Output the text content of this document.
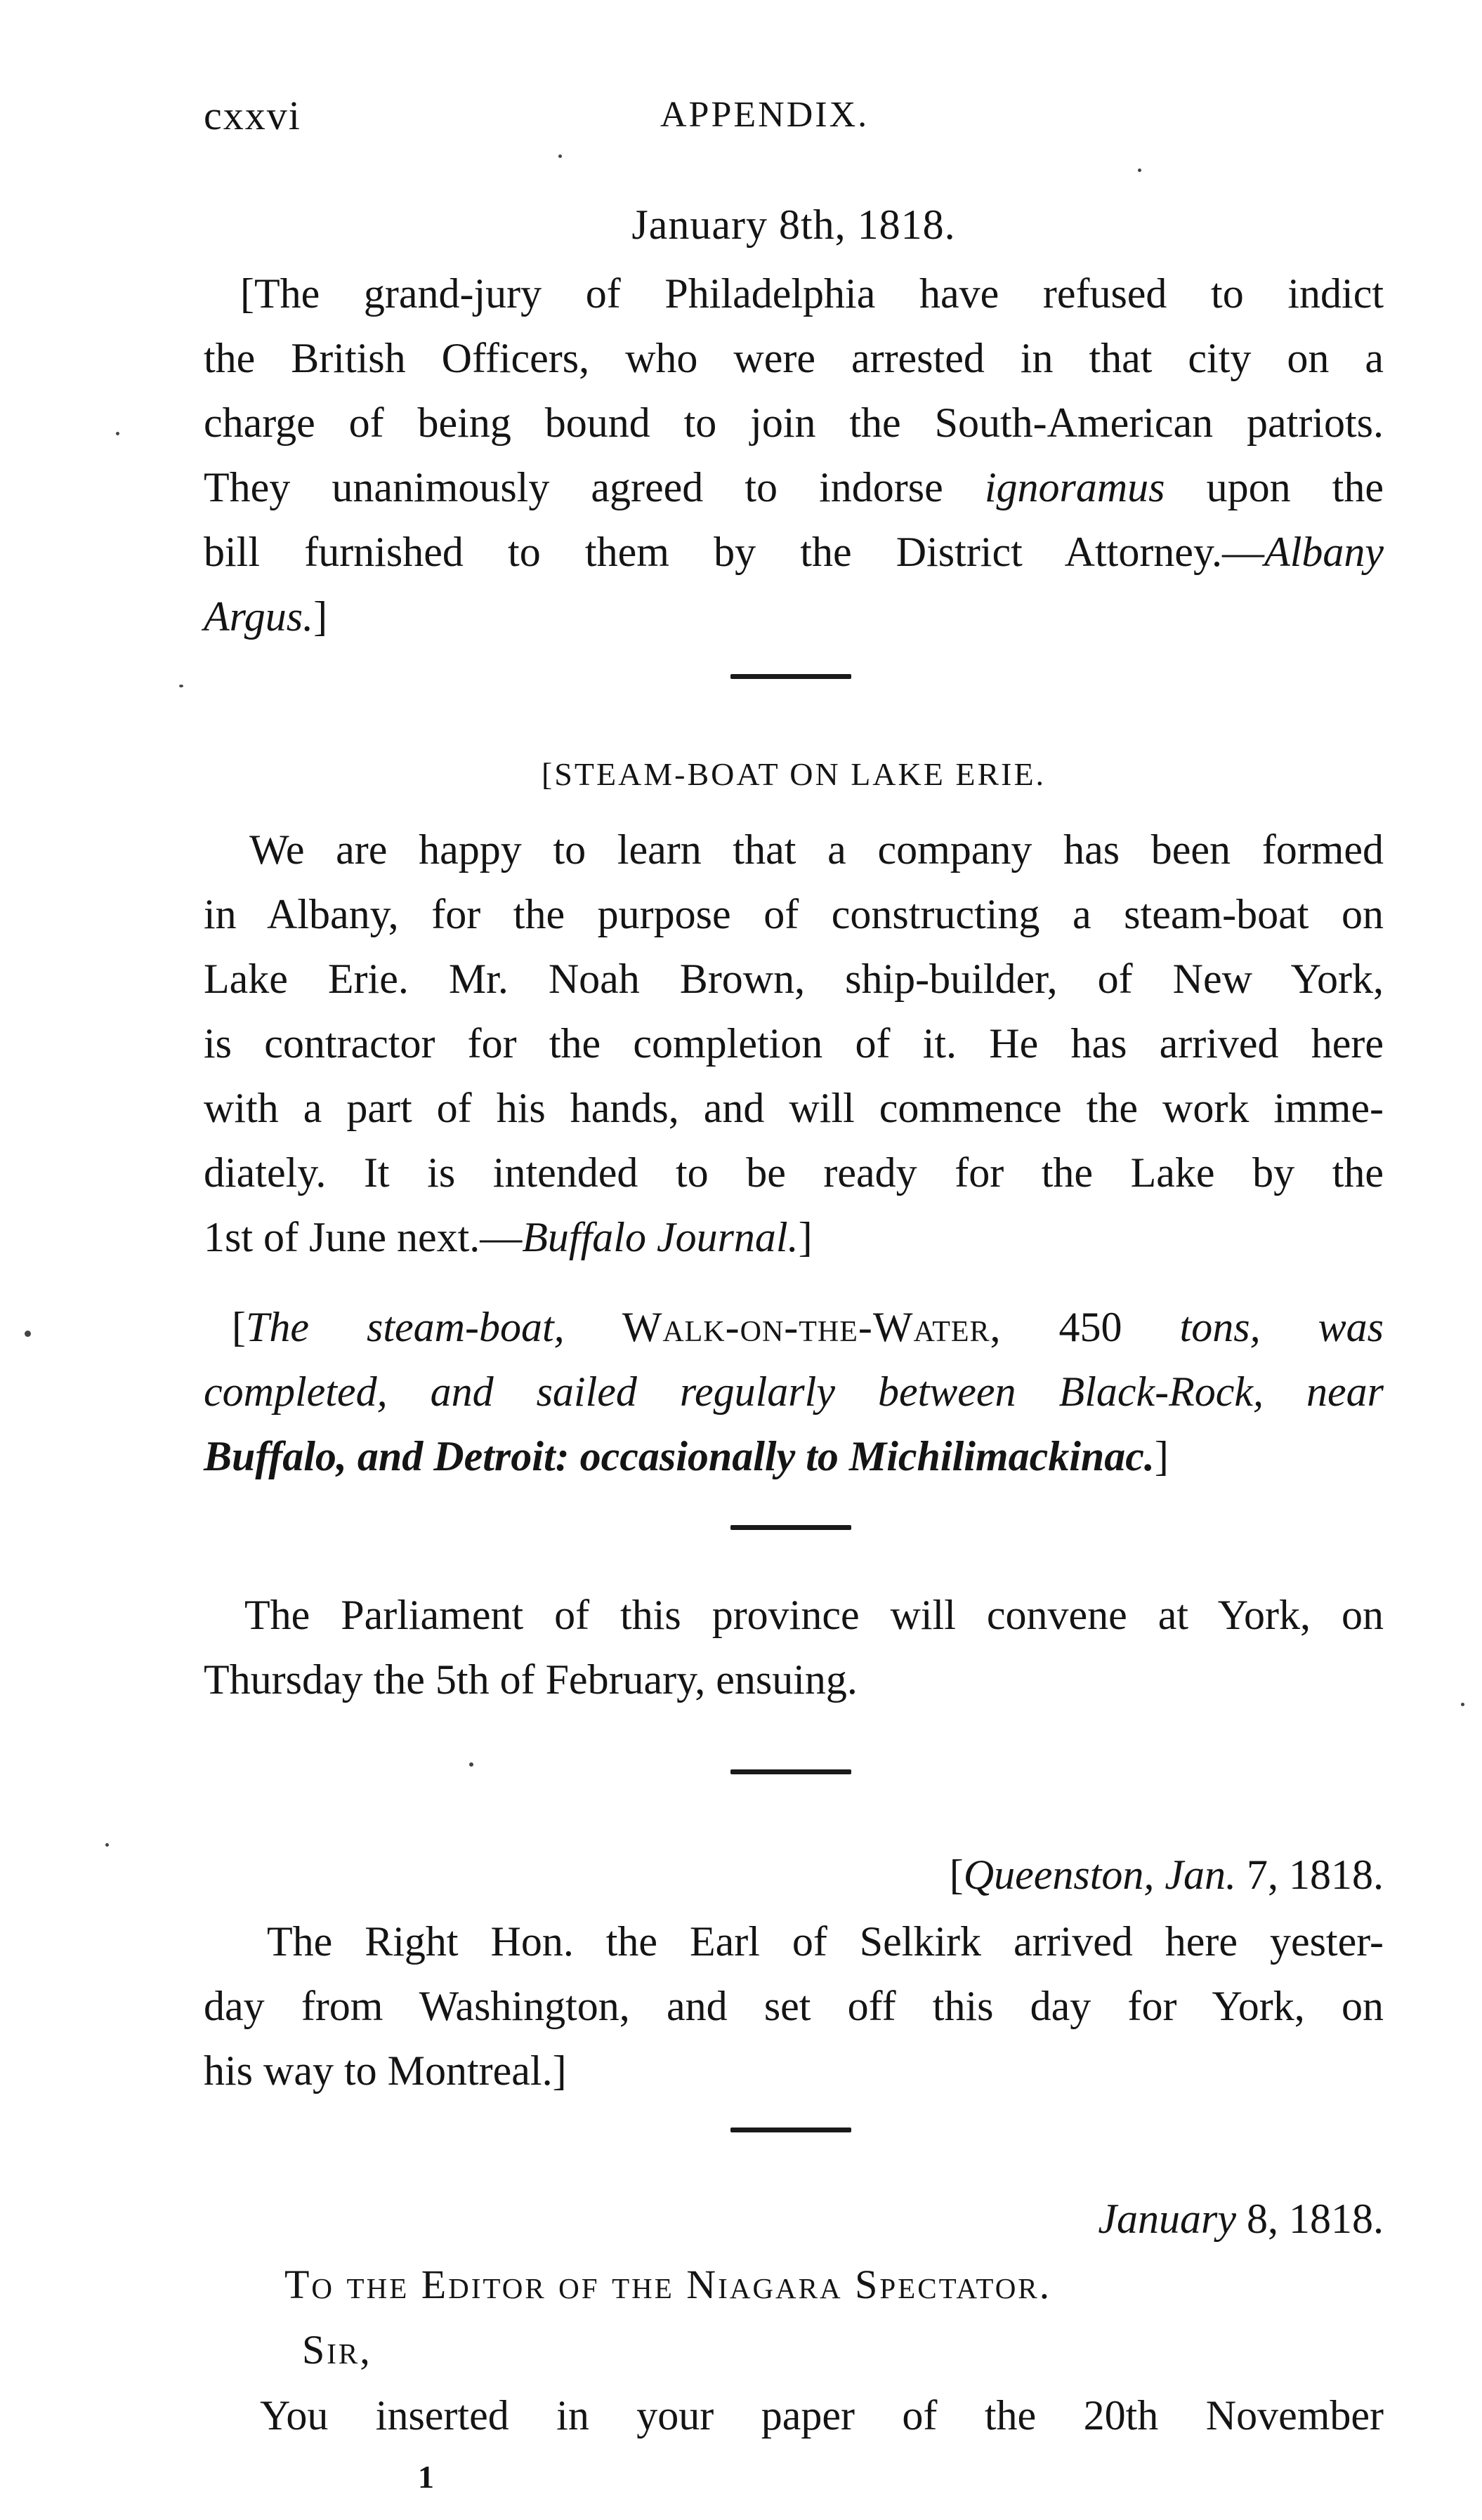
cxxvi	APPENDIX.
January 8th, 1818.
[The grand-jury of Philadelphia have refused to indict
the British Officers, who were arrested in that city on a
charge of being bound to join the South-American patriots.
They unanimously agreed to indorse ignoramus upon the
bill furnished to them by the District Attorney.—Albany
Argus.]
[STEAM-BOAT ON LAKE ERIE.
We are happy to learn that a company has been formed
in Albany, for the purpose of constructing a steam-boat on
Lake Erie. Mr. Noah Brown, ship-builder, of New York,
is contractor for the completion of it. He has arrived here
with a part of his hands, and will commence the work imme-
diately. It is intended to be ready for the Lake by the
1st of June next.—Buffalo Journal.]
[The steam-boat, Walk-on-the-Water, 450 tons, was
completed, and sailed regularly between Black-Rock, near
Buffalo, and Detroit: occasionally to Michilimackinac.]
The Parliament of this province will convene at York, on
Thursday the 5th of February, ensuing.
[Queenston, Jan. 7, 1818.
The Right Hon. the Earl of Selkirk arrived here yester-
day from Washington, and set off this day for York, on
his way to Montreal.]
January 8, 1818.
To the Editor of the Niagara Spectator.
Sir,
You inserted in your paper of the 20th November
1
